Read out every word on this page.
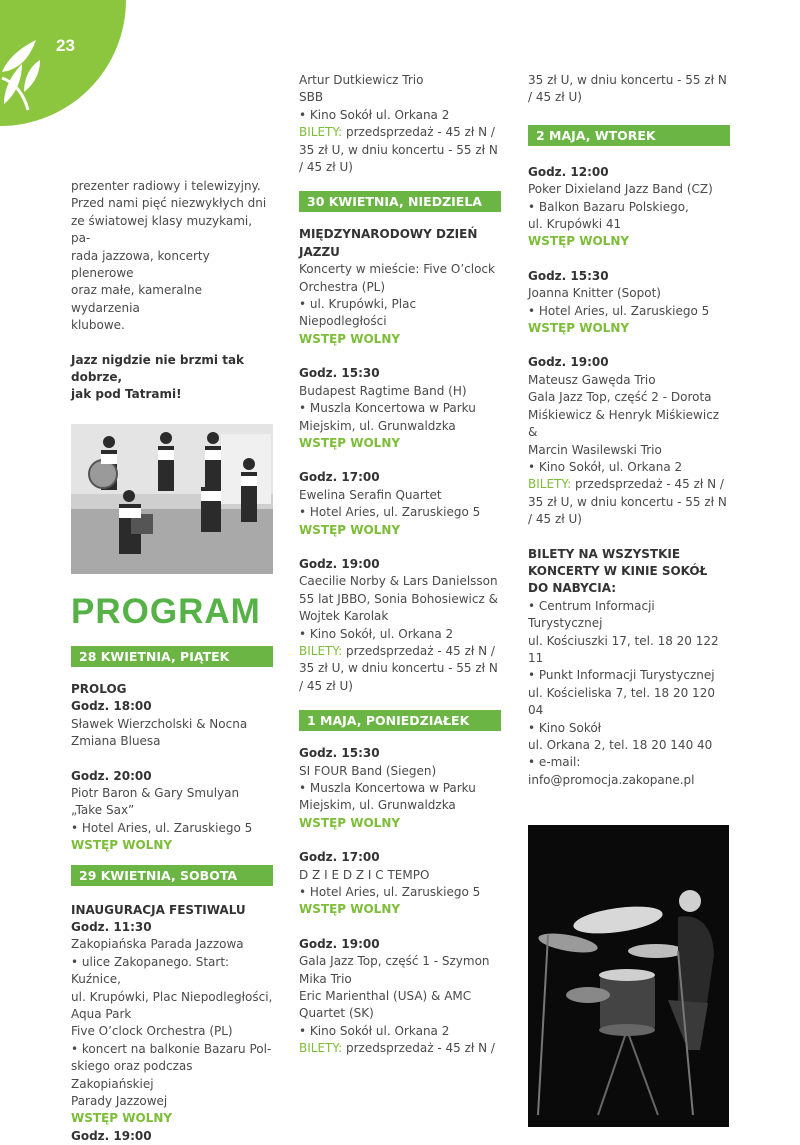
23

prezenter radiowy i telewizyjny.

Przed nami pięć niezwykłych dni

ze światowej klasy muzykami, pa-

rada jazzowa, koncerty plenerowe

oraz małe, kameralne wydarzenia

klubowe.

Jazz nigdzie nie brzmi tak dobrze,

jak pod Tatrami!

PROGRAM

28 KWIETNIA, PIĄTEK

PROLOG

Godz. 18:00

Sławek Wierzcholski & Nocna

Zmiana Bluesa

Godz. 20:00

Piotr Baron & Gary Smulyan

„Take Sax”

• Hotel Aries, ul. Zaruskiego 5

WSTĘP WOLNY

29 KWIETNIA, SOBOTA

INAUGURACJA FESTIWALU

Godz. 11:30

Zakopiańska Parada Jazzowa

• ulice Zakopanego. Start: Kuźnice,

ul. Krupówki, Plac Niepodległości,

Aqua Park

Five O’clock Orchestra (PL)

• koncert na balkonie Bazaru Pol-

skiego oraz podczas Zakopiańskiej

Parady Jazzowej

WSTĘP WOLNY

Godz. 19:00

Artur Dutkiewicz Trio

SBB

• Kino Sokół ul. Orkana 2

BILETY: przedsprzedaż - 45 zł N /

35 zł U, w dniu koncertu - 55 zł N

/ 45 zł U)

30 KWIETNIA, NIEDZIELA

MIĘDZYNARODOWY DZIEŃ

JAZZU

Koncerty w mieście: Five O’clock

Orchestra (PL)

• ul. Krupówki, Plac Niepodległości

WSTĘP WOLNY

Godz. 15:30

Budapest Ragtime Band (H)

• Muszla Koncertowa w Parku

Miejskim, ul. Grunwaldzka

WSTĘP WOLNY

Godz. 17:00

Ewelina Serafin Quartet

• Hotel Aries, ul. Zaruskiego 5

WSTĘP WOLNY

Godz. 19:00

Caecilie Norby & Lars Danielsson

55 lat JBBO, Sonia Bohosiewicz &

Wojtek Karolak

• Kino Sokół, ul. Orkana 2

BILETY: przedsprzedaż - 45 zł N /

35 zł U, w dniu koncertu - 55 zł N

/ 45 zł U)

1 MAJA, PONIEDZIAŁEK

Godz. 15:30

SI FOUR Band (Siegen)

• Muszla Koncertowa w Parku

Miejskim, ul. Grunwaldzka

WSTĘP WOLNY

Godz. 17:00

D Z I E D Z I C TEMPO

• Hotel Aries, ul. Zaruskiego 5

WSTĘP WOLNY

Godz. 19:00

Gala Jazz Top, część 1 - Szymon

Mika Trio

Eric Marienthal (USA) & AMC

Quartet (SK)

• Kino Sokół ul. Orkana 2

BILETY: przedsprzedaż - 45 zł N /

35 zł U, w dniu koncertu - 55 zł N

/ 45 zł U)

2 MAJA, WTOREK

Godz. 12:00

Poker Dixieland Jazz Band (CZ)

• Balkon Bazaru Polskiego,

ul. Krupówki 41

WSTĘP WOLNY

Godz. 15:30

Joanna Knitter (Sopot)

• Hotel Aries, ul. Zaruskiego 5

WSTĘP WOLNY

Godz. 19:00

Mateusz Gawęda Trio

Gala Jazz Top, część 2 - Dorota

Miśkiewicz & Henryk Miśkiewicz &

Marcin Wasilewski Trio

• Kino Sokół, ul. Orkana 2

BILETY: przedsprzedaż - 45 zł N /

35 zł U, w dniu koncertu - 55 zł N

/ 45 zł U)

BILETY NA WSZYSTKIE

KONCERTY W KINIE SOKÓŁ

DO NABYCIA:

• Centrum Informacji Turystycznej

ul. Kościuszki 17, tel. 18 20 122 11

• Punkt Informacji Turystycznej

ul. Kościeliska 7, tel. 18 20 120 04

• Kino Sokół

ul. Orkana 2, tel. 18 20 140 40

• e-mail:

info@promocja.zakopane.pl
